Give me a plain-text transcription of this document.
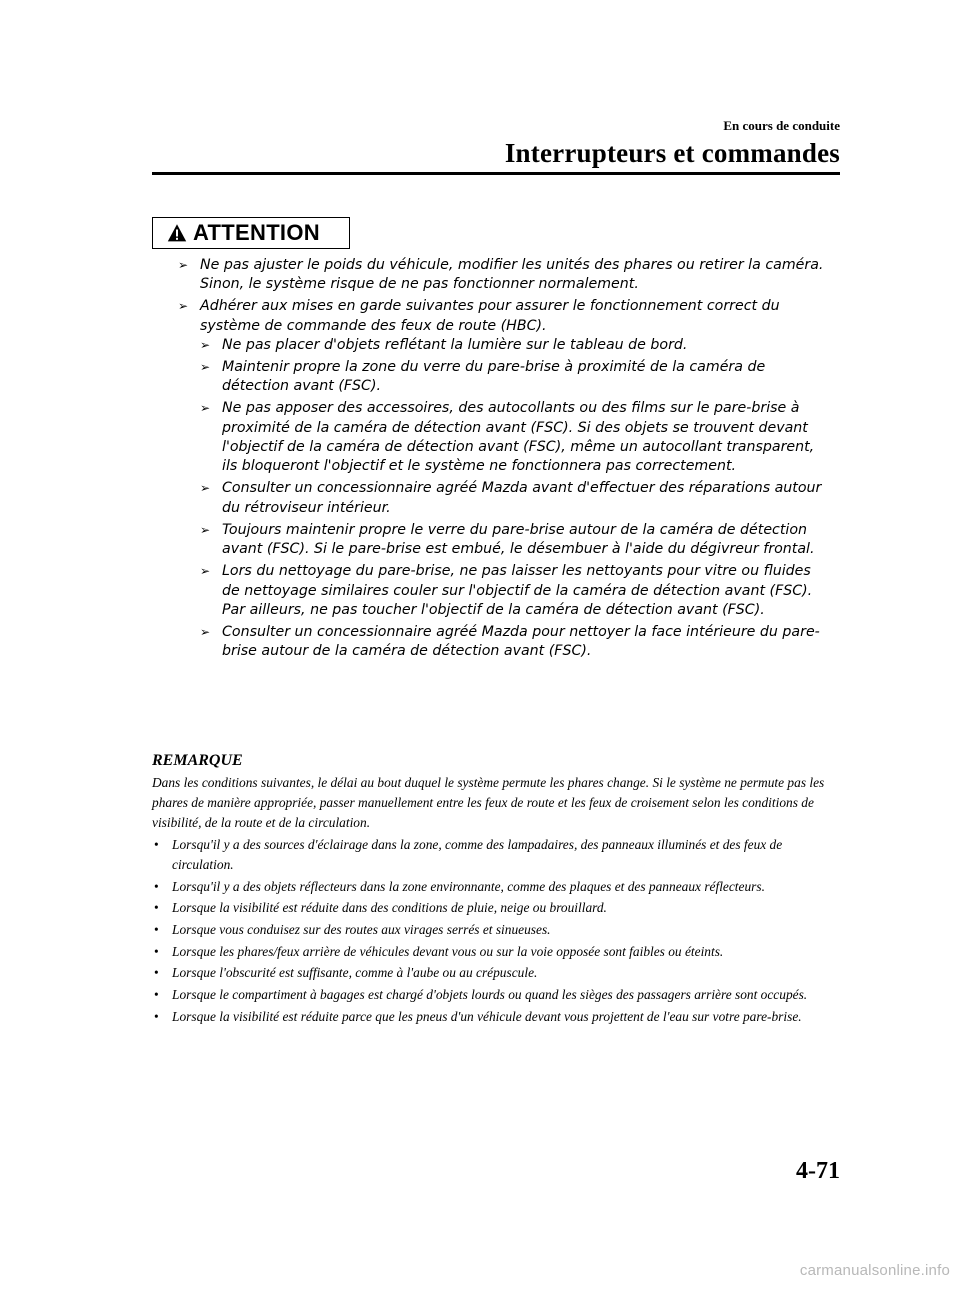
En cours de conduite
Interrupteurs et commandes
ATTENTION
➢ Ne pas ajuster le poids du véhicule, modifier les unités des phares ou retirer la caméra. Sinon, le système risque de ne pas fonctionner normalement.
➢ Adhérer aux mises en garde suivantes pour assurer le fonctionnement correct du système de commande des feux de route (HBC).
➢ Ne pas placer d'objets reflétant la lumière sur le tableau de bord.
➢ Maintenir propre la zone du verre du pare-brise à proximité de la caméra de détection avant (FSC).
➢ Ne pas apposer des accessoires, des autocollants ou des films sur le pare-brise à proximité de la caméra de détection avant (FSC). Si des objets se trouvent devant l'objectif de la caméra de détection avant (FSC), même un autocollant transparent, ils bloqueront l'objectif et le système ne fonctionnera pas correctement.
➢ Consulter un concessionnaire agréé Mazda avant d'effectuer des réparations autour du rétroviseur intérieur.
➢ Toujours maintenir propre le verre du pare-brise autour de la caméra de détection avant (FSC). Si le pare-brise est embué, le désembuer à l'aide du dégivreur frontal.
➢ Lors du nettoyage du pare-brise, ne pas laisser les nettoyants pour vitre ou fluides de nettoyage similaires couler sur l'objectif de la caméra de détection avant (FSC). Par ailleurs, ne pas toucher l'objectif de la caméra de détection avant (FSC).
➢ Consulter un concessionnaire agréé Mazda pour nettoyer la face intérieure du pare-brise autour de la caméra de détection avant (FSC).
REMARQUE

Dans les conditions suivantes, le délai au bout duquel le système permute les phares change. Si le système ne permute pas les phares de manière appropriée, passer manuellement entre les feux de route et les feux de croisement selon les conditions de visibilité, de la route et de la circulation.

• Lorsqu'il y a des sources d'éclairage dans la zone, comme des lampadaires, des panneaux illuminés et des feux de circulation.
• Lorsqu'il y a des objets réflecteurs dans la zone environnante, comme des plaques et des panneaux réflecteurs.
• Lorsque la visibilité est réduite dans des conditions de pluie, neige ou brouillard.
• Lorsque vous conduisez sur des routes aux virages serrés et sinueuses.
• Lorsque les phares/feux arrière de véhicules devant vous ou sur la voie opposée sont faibles ou éteints.
• Lorsque l'obscurité est suffisante, comme à l'aube ou au crépuscule.
• Lorsque le compartiment à bagages est chargé d'objets lourds ou quand les sièges des passagers arrière sont occupés.
• Lorsque la visibilité est réduite parce que les pneus d'un véhicule devant vous projettent de l'eau sur votre pare-brise.
4-71
carmanualsonline.info
